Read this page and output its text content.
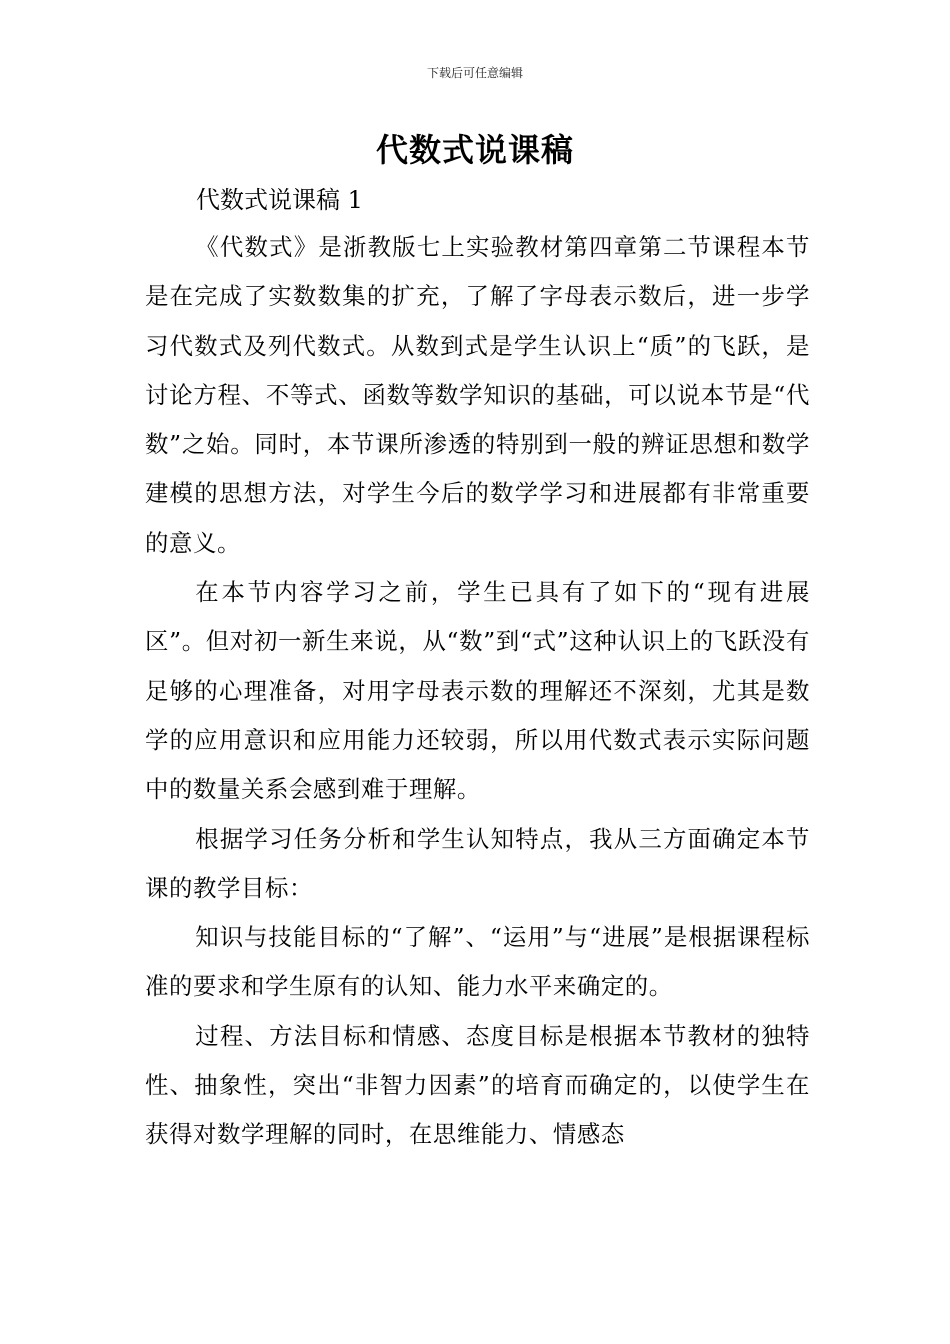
下载后可任意编辑
代数式说课稿
代数式说课稿 1

《代数式》是浙教版七上实验教材第四章第二节课程本节是在完成了实数数集的扩充，了解了字母表示数后，进一步学习代数式及列代数式。从数到式是学生认识上“质”的飞跃，是讨论方程、不等式、函数等数学知识的基础，可以说本节是“代数”之始。同时，本节课所渗透的特别到一般的辨证思想和数学建模的思想方法，对学生今后的数学学习和进展都有非常重要的意义。

在本节内容学习之前，学生已具有了如下的“现有进展区”。但对初一新生来说，从“数”到“式”这种认识上的飞跃没有足够的心理准备，对用字母表示数的理解还不深刻，尤其是数学的应用意识和应用能力还较弱，所以用代数式表示实际问题中的数量关系会感到难于理解。

根据学习任务分析和学生认知特点，我从三方面确定本节课的教学目标：

知识与技能目标的“了解”、“运用”与“进展”是根据课程标准的要求和学生原有的认知、能力水平来确定的。

过程、方法目标和情感、态度目标是根据本节教材的独特性、抽象性，突出“非智力因素”的培育而确定的，以使学生在获得对数学理解的同时，在思维能力、情感态
